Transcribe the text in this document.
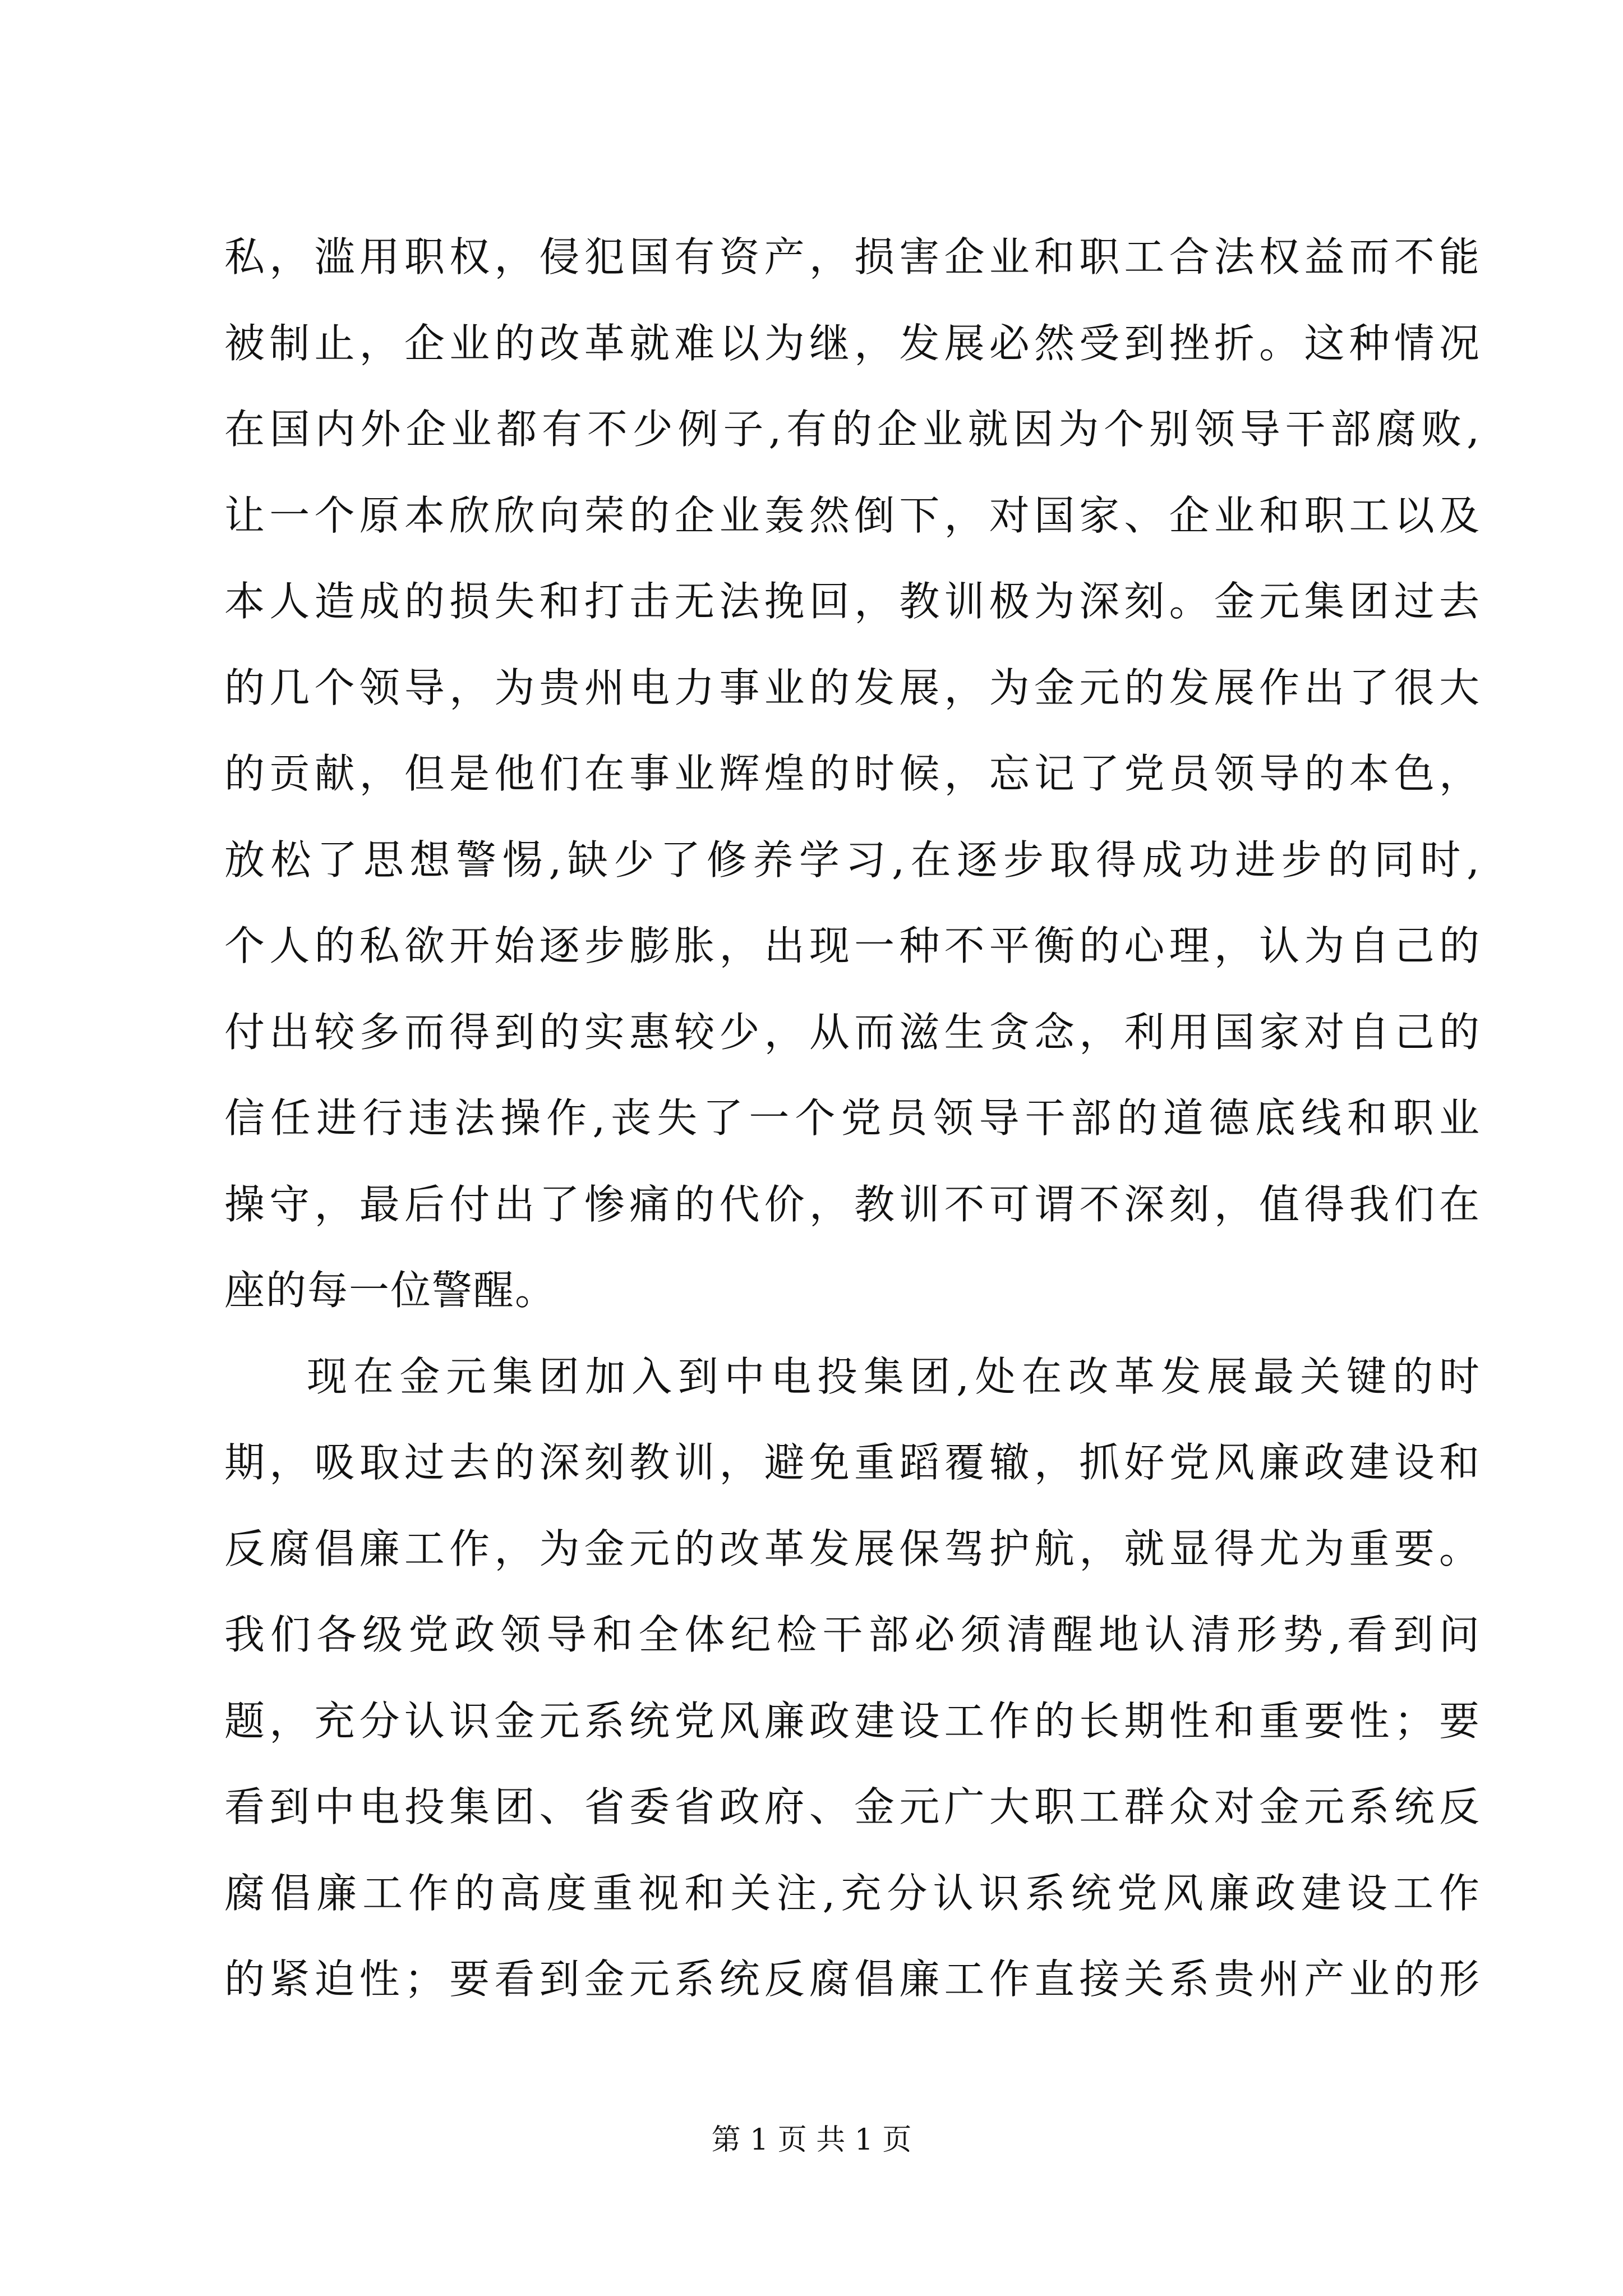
私，滥用职权，侵犯国有资产，损害企业和职工合法权益而不能
被制止，企业的改革就难以为继，发展必然受到挫折。这种情况
在国内外企业都有不少例子,有的企业就因为个别领导干部腐败,
让一个原本欣欣向荣的企业轰然倒下，对国家、企业和职工以及
本人造成的损失和打击无法挽回，教训极为深刻。金元集团过去
的几个领导，为贵州电力事业的发展，为金元的发展作出了很大
的贡献，但是他们在事业辉煌的时候，忘记了党员领导的本色，
放松了思想警惕,缺少了修养学习,在逐步取得成功进步的同时,
个人的私欲开始逐步膨胀，出现一种不平衡的心理，认为自己的
付出较多而得到的实惠较少，从而滋生贪念，利用国家对自己的
信任进行违法操作,丧失了一个党员领导干部的道德底线和职业
操守，最后付出了惨痛的代价，教训不可谓不深刻，值得我们在
座的每一位警醒。
现在金元集团加入到中电投集团,处在改革发展最关键的时
期，吸取过去的深刻教训，避免重蹈覆辙，抓好党风廉政建设和
反腐倡廉工作，为金元的改革发展保驾护航，就显得尤为重要。
我们各级党政领导和全体纪检干部必须清醒地认清形势,看到问
题，充分认识金元系统党风廉政建设工作的长期性和重要性；要
看到中电投集团、省委省政府、金元广大职工群众对金元系统反
腐倡廉工作的高度重视和关注,充分认识系统党风廉政建设工作
的紧迫性；要看到金元系统反腐倡廉工作直接关系贵州产业的形
第 1 页 共 1 页
